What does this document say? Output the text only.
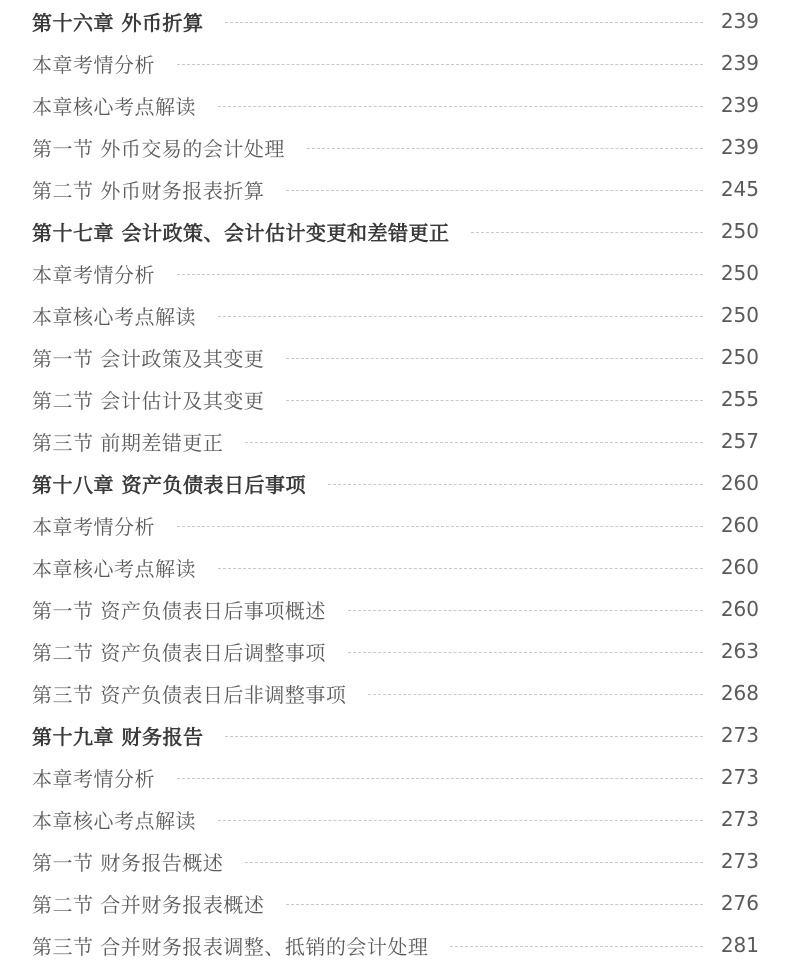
第十六章 外币折算	239
本章考情分析	239
本章核心考点解读	239
第一节 外币交易的会计处理	239
第二节 外币财务报表折算	245
第十七章 会计政策、会计估计变更和差错更正	250
本章考情分析	250
本章核心考点解读	250
第一节 会计政策及其变更	250
第二节 会计估计及其变更	255
第三节 前期差错更正	257
第十八章 资产负债表日后事项	260
本章考情分析	260
本章核心考点解读	260
第一节 资产负债表日后事项概述	260
第二节 资产负债表日后调整事项	263
第三节 资产负债表日后非调整事项	268
第十九章 财务报告	273
本章考情分析	273
本章核心考点解读	273
第一节 财务报告概述	273
第二节 合并财务报表概述	276
第三节 合并财务报表调整、抵销的会计处理	281
